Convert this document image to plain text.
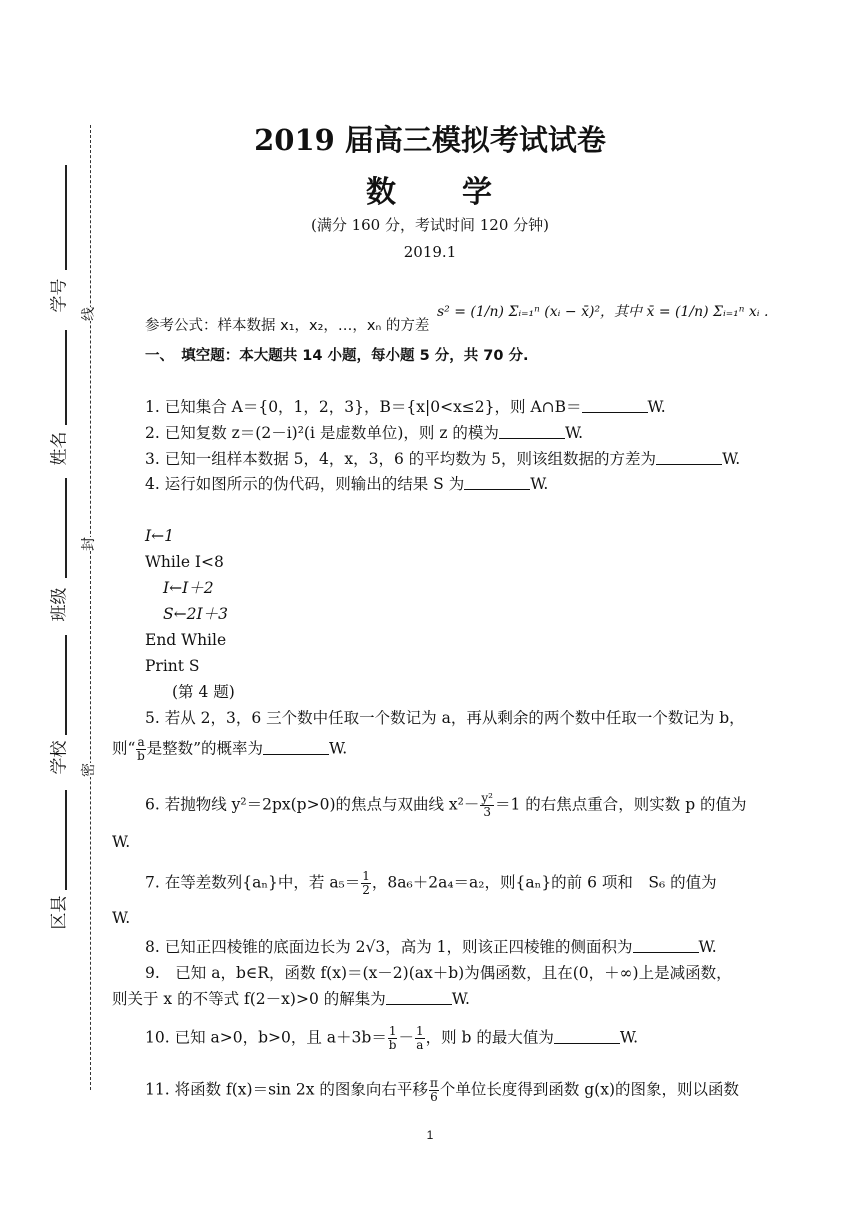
学号
姓名
班级
学校
区县
线
封
密
2019 届高三模拟考试试卷
数　　学
(满分 160 分，考试时间 120 分钟)
2019.1
参考公式：样本数据 x₁，x₂，…，xₙ 的方差
s² = (1/n) Σᵢ₌₁ⁿ (xᵢ − x̄)²，其中 x̄ = (1/n) Σᵢ₌₁ⁿ xᵢ .
一、　填空题：本大题共 14 小题，每小题 5 分，共 70 分.
1. 已知集合 A＝{0，1，2，3}，B＝{x|0<x≤2}，则 A∩B＝	W.
2. 已知复数 z＝(2－i)²(i 是虚数单位)，则 z 的模为	W.
3. 已知一组样本数据 5，4，x，3，6 的平均数为 5，则该组数据的方差为	W.
4. 运行如图所示的伪代码，则输出的结果 S 为	W.
I←1
While I<8
I←I＋2
S←2I＋3
End While
Print S
(第 4 题)
5. 若从 2，3，6 三个数中任取一个数记为 a，再从剩余的两个数中任取一个数记为 b，
则“ $\frac{a}{b}$ 是整数”的概率为	W.
6. 若抛物线 y²＝2px(p>0)的焦点与双曲线 $x^2- \frac{\text{y²}}{3} =1$ 的右焦点重合，则实数 p 的值为
W.
7. 在等差数列{aₙ}中，若 $a_5= \frac{1}{2}$ ，8a₆＋2a₄＝a₂，则{aₙ}的前 6 项和　S₆ 的值为
W.
8. 已知正四棱锥的底面边长为 2√3，高为 1，则该正四棱锥的侧面积为	W.
9.　已知 a，b∈R，函数 f(x)＝(x－2)(ax＋b)为偶函数，且在(0，＋∞)上是减函数，
则关于 x 的不等式 f(2－x)>0 的解集为	W.
10. 已知 a>0，b>0，且 $a+3b= \frac{1}{b} - \frac{1}{a}$ ，则 b 的最大值为	W.
11. 将函数 f(x)＝sin 2x 的图象向右平移 $\frac{\pi}{6}$ 个单位长度得到函数 g(x)的图象，则以函数
1
